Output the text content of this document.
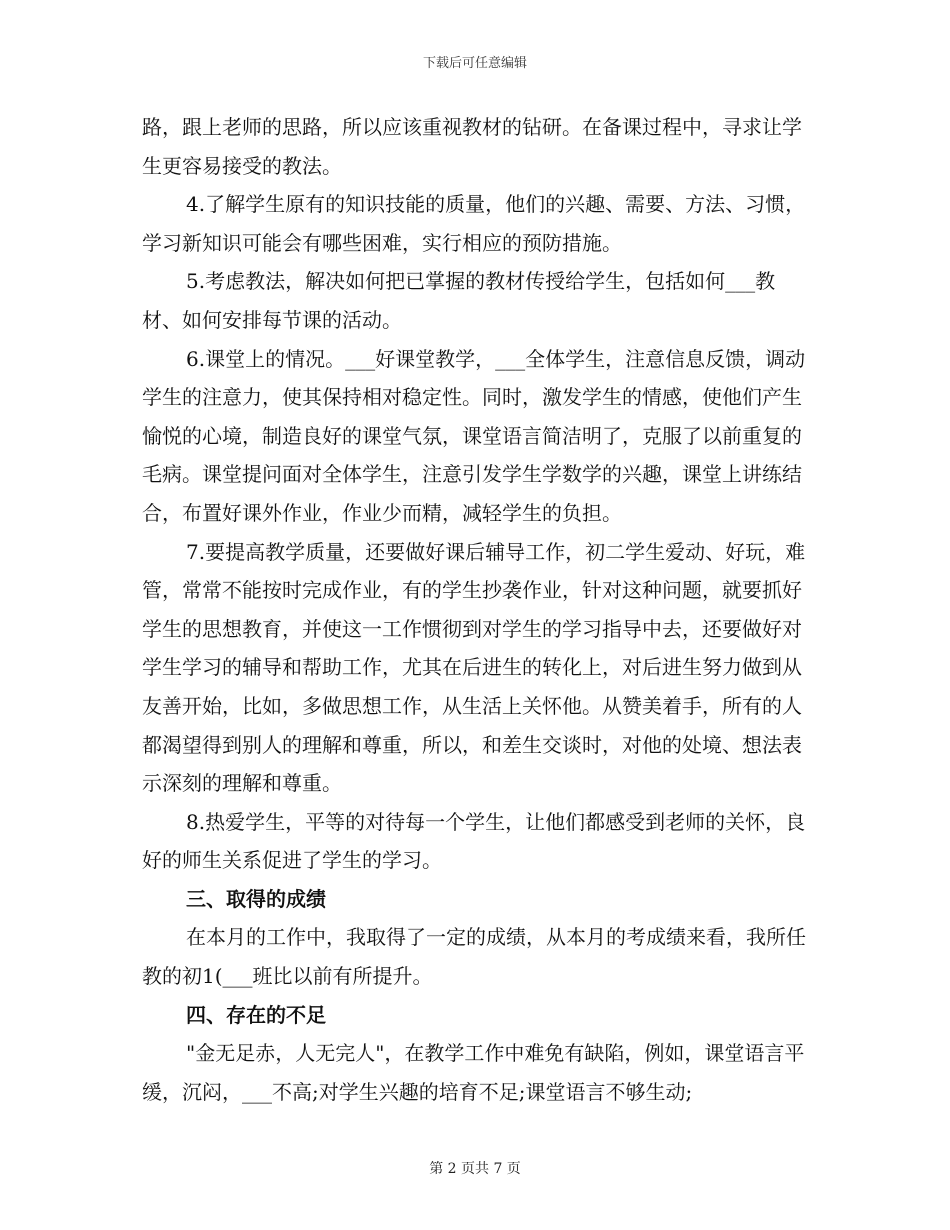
下载后可任意编辑

路，跟上老师的思路，所以应该重视教材的钻研。在备课过程中，寻求让学生更容易接受的教法。

4.了解学生原有的知识技能的质量，他们的兴趣、需要、方法、习惯，学习新知识可能会有哪些困难，实行相应的预防措施。

5.考虑教法，解决如何把已掌握的教材传授给学生，包括如何___教材、如何安排每节课的活动。

6.课堂上的情况。___好课堂教学，___全体学生，注意信息反馈，调动学生的注意力，使其保持相对稳定性。同时，激发学生的情感，使他们产生愉悦的心境，制造良好的课堂气氛，课堂语言简洁明了，克服了以前重复的毛病。课堂提问面对全体学生，注意引发学生学数学的兴趣，课堂上讲练结合，布置好课外作业，作业少而精，减轻学生的负担。

7.要提高教学质量，还要做好课后辅导工作，初二学生爱动、好玩，难管，常常不能按时完成作业，有的学生抄袭作业，针对这种问题，就要抓好学生的思想教育，并使这一工作惯彻到对学生的学习指导中去，还要做好对学生学习的辅导和帮助工作，尤其在后进生的转化上，对后进生努力做到从友善开始，比如，多做思想工作，从生活上关怀他。从赞美着手，所有的人都渴望得到别人的理解和尊重，所以，和差生交谈时，对他的处境、想法表示深刻的理解和尊重。

8.热爱学生，平等的对待每一个学生，让他们都感受到老师的关怀，良好的师生关系促进了学生的学习。

三、取得的成绩

在本月的工作中，我取得了一定的成绩，从本月的考成绩来看，我所任教的初1(___班比以前有所提升。

四、存在的不足

"金无足赤，人无完人"，在教学工作中难免有缺陷，例如，课堂语言平缓，沉闷，___不高;对学生兴趣的培育不足;课堂语言不够生动;

第 2 页共 7 页
